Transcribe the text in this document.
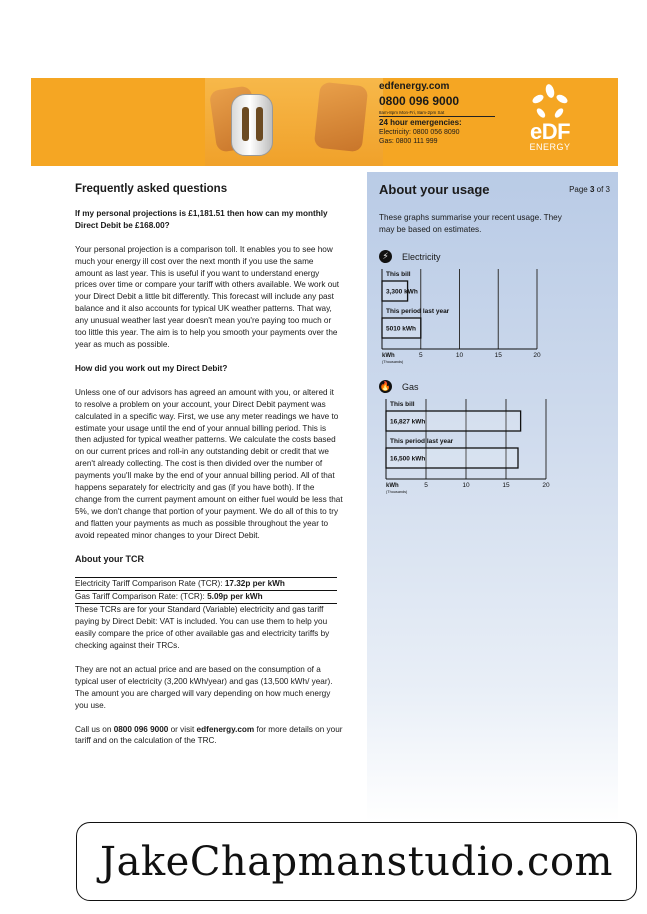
edfenergy.com
0800 096 9000
8am-8pm Mon-Fri, 8am-2pm Sat
24 hour emergencies:
Electricity: 0800 056 8090
Gas: 0800 111 999	eDF
ENERGY
Frequently asked questions
If my personal projections is £1,181.51 then how can my monthly Direct Debit be £168.00?

Your personal projection is a comparison toll. It enables you to see how much your energy ill cost over the next month if you use the same amount as last year. This is useful if you want to understand energy prices over time or compare your tariff with others available. We work out your Direct Debit a little bit differently. This forecast will include any past balance and it also accounts for typical UK weather patterns. That way, any unusual weather last year doesn't mean you're paying too much or too little this year. The aim is to help you smooth your payments over the year as much as possible.

How did you work out my Direct Debit?

Unless one of our advisors has agreed an amount with you, or altered it to resolve a problem on your account, your Direct Debit payment was calculated in a specific way. First, we use any meter readings we have to estimate your usage until the end of your annual billing period. This is then adjusted for typical weather patterns. We calculate the costs based on our current prices and roll-in any outstanding debit or credit that we aren't already collecting. The cost is then divided over the number of payments you'll make by the end of your annual billing period. All of that happens separately for electricity and gas (if you have both). If the change from the current payment amount on either fuel would be less that 5%, we don't change that portion of your payment. We do all of this to try and flatten your payments as much as possible throughout the year to avoid repeated minor changes to your Direct Debit.

About your TCR
Electricity Tariff Comparison Rate (TCR): 17.32p per kWh
Gas Tariff Comparison Rate: (TCR): 5.09p per kWh

These TCRs are for your Standard (Variable) electricity and gas tariff paying by Direct Debit: VAT is included. You can use them to help you easily compare the price of other available gas and electricity tariffs by checking against their TRCs.

They are not an actual price and are based on the consumption of a typical user of electricity (3,200 kWh/year) and gas (13,500 kWh/ year). The amount you are charged will vary depending on how much energy you use.

Call us on 0800 096 9000 or visit edfenergy.com for more details on your tariff and on the calculation of the TRC.

About your usage	Page 3 of 3
These graphs summarise your recent usage. They may be based on estimates.
⚡	Electricity
This bill
3,300 kWh
This period last year
5010 kWh
5	10	15	20
kWh
(Thousands)
🔥 Gas
This bill
16,827 kWh
This period last year
16,500 kWh
5	10	15	20
kWh
(Thousands)
JakeChapmanstudio.com
